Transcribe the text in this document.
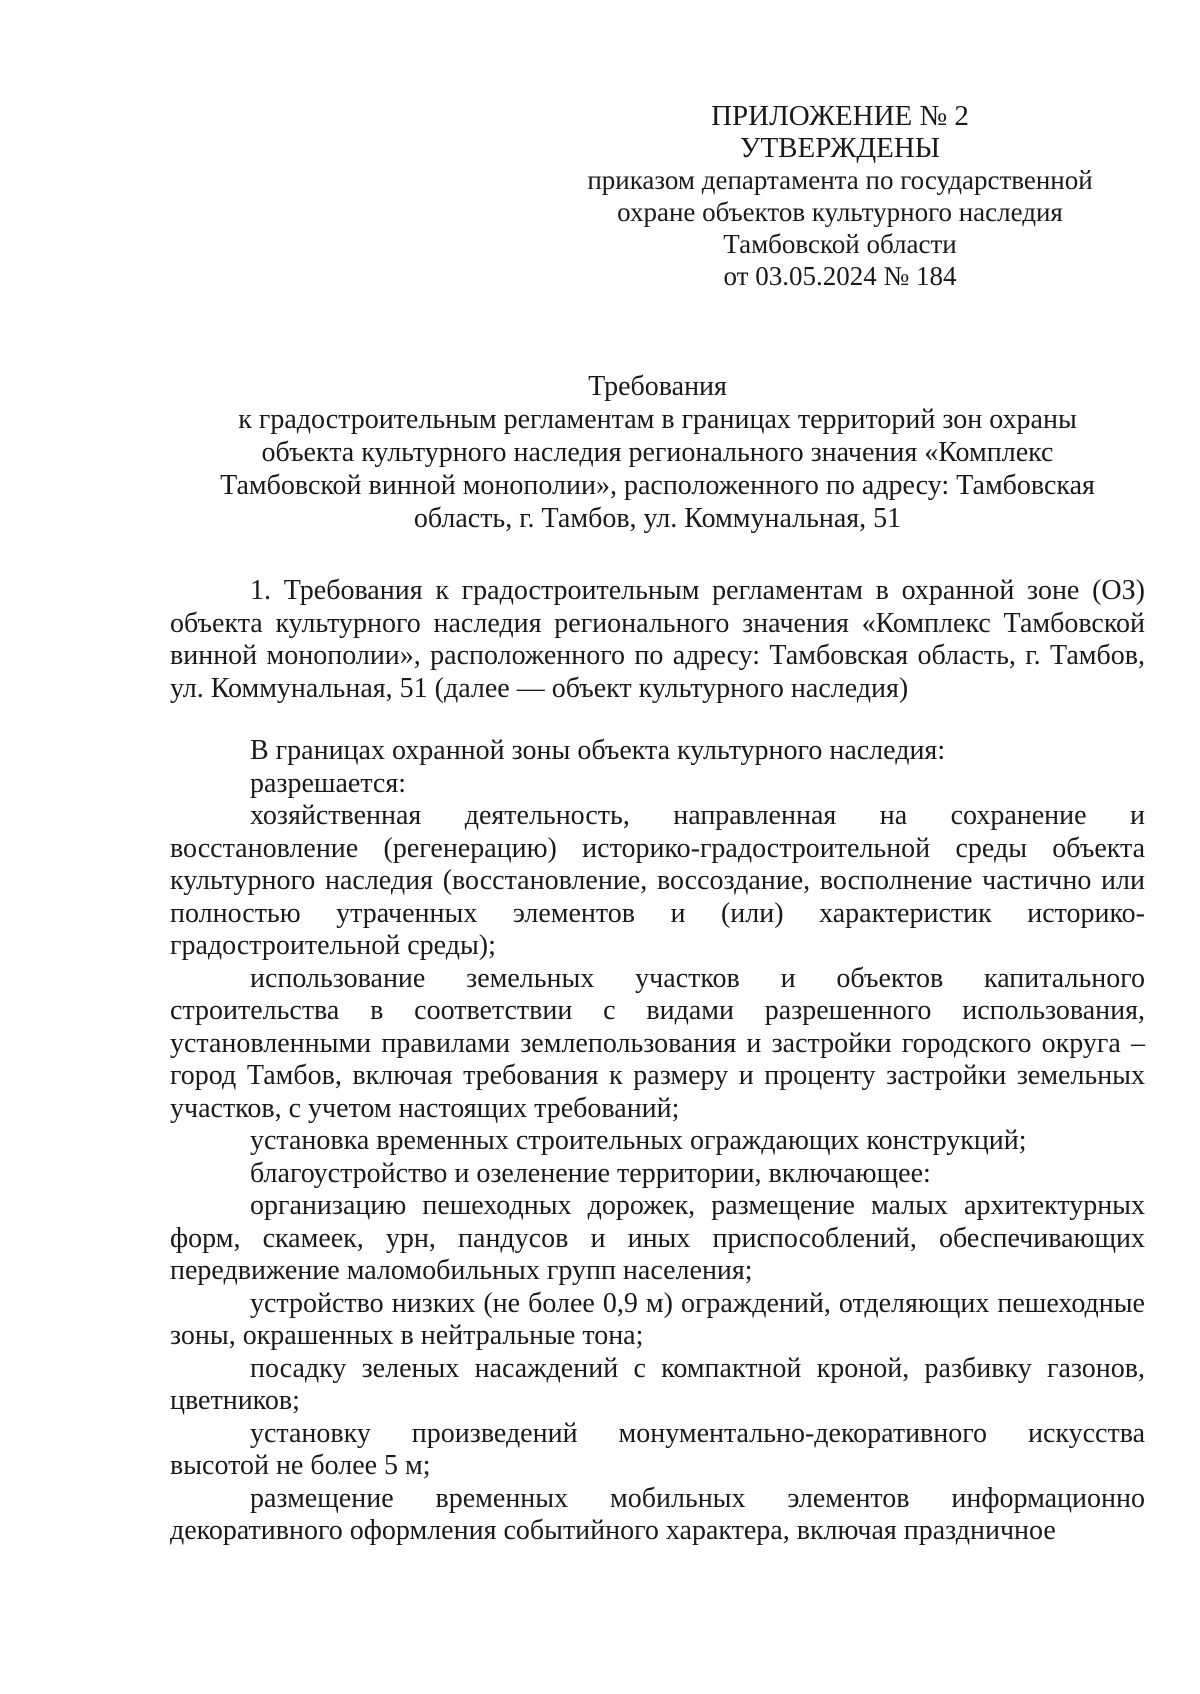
ПРИЛОЖЕНИЕ № 2
УТВЕРЖДЕНЫ
приказом департамента по государственной
охране объектов культурного наследия
Тамбовской области
от 03.05.2024 № 184
Требования
к градостроительным регламентам в границах территорий зон охраны
объекта культурного наследия регионального значения «Комплекс
Тамбовской винной монополии», расположенного по адресу: Тамбовская
область, г. Тамбов, ул. Коммунальная, 51

1. Требования к градостроительным регламентам в охранной зоне (ОЗ) объекта культурного наследия регионального значения «Комплекс Тамбовской винной монополии», расположенного по адресу: Тамбовская область, г. Тамбов, ул. Коммунальная, 51 (далее — объект культурного наследия)

В границах охранной зоны объекта культурного наследия:

разрешается:

хозяйственная деятельность, направленная на сохранение и восстановление (регенерацию) историко-градостроительной среды объекта культурного наследия (восстановление, воссоздание, восполнение частично или полностью утраченных элементов и (или) характеристик историко-градостроительной среды);

использование земельных участков и объектов капитального строительства в соответствии с видами разрешенного использования, установленными правилами землепользования и застройки городского округа – город Тамбов, включая требования к размеру и проценту застройки земельных участков, с учетом настоящих требований;

установка временных строительных ограждающих конструкций;

благоустройство и озеленение территории, включающее:

организацию пешеходных дорожек, размещение малых архитектурных форм, скамеек, урн, пандусов и иных приспособлений, обеспечивающих передвижение маломобильных групп населения;

устройство низких (не более 0,9 м) ограждений, отделяющих пешеходные зоны, окрашенных в нейтральные тона;

посадку зеленых насаждений с компактной кроной, разбивку газонов, цветников;

установку произведений монументально-декоративного искусства высотой не более 5 м;

размещение временных мобильных элементов информационно декоративного оформления событийного характера, включая праздничное
